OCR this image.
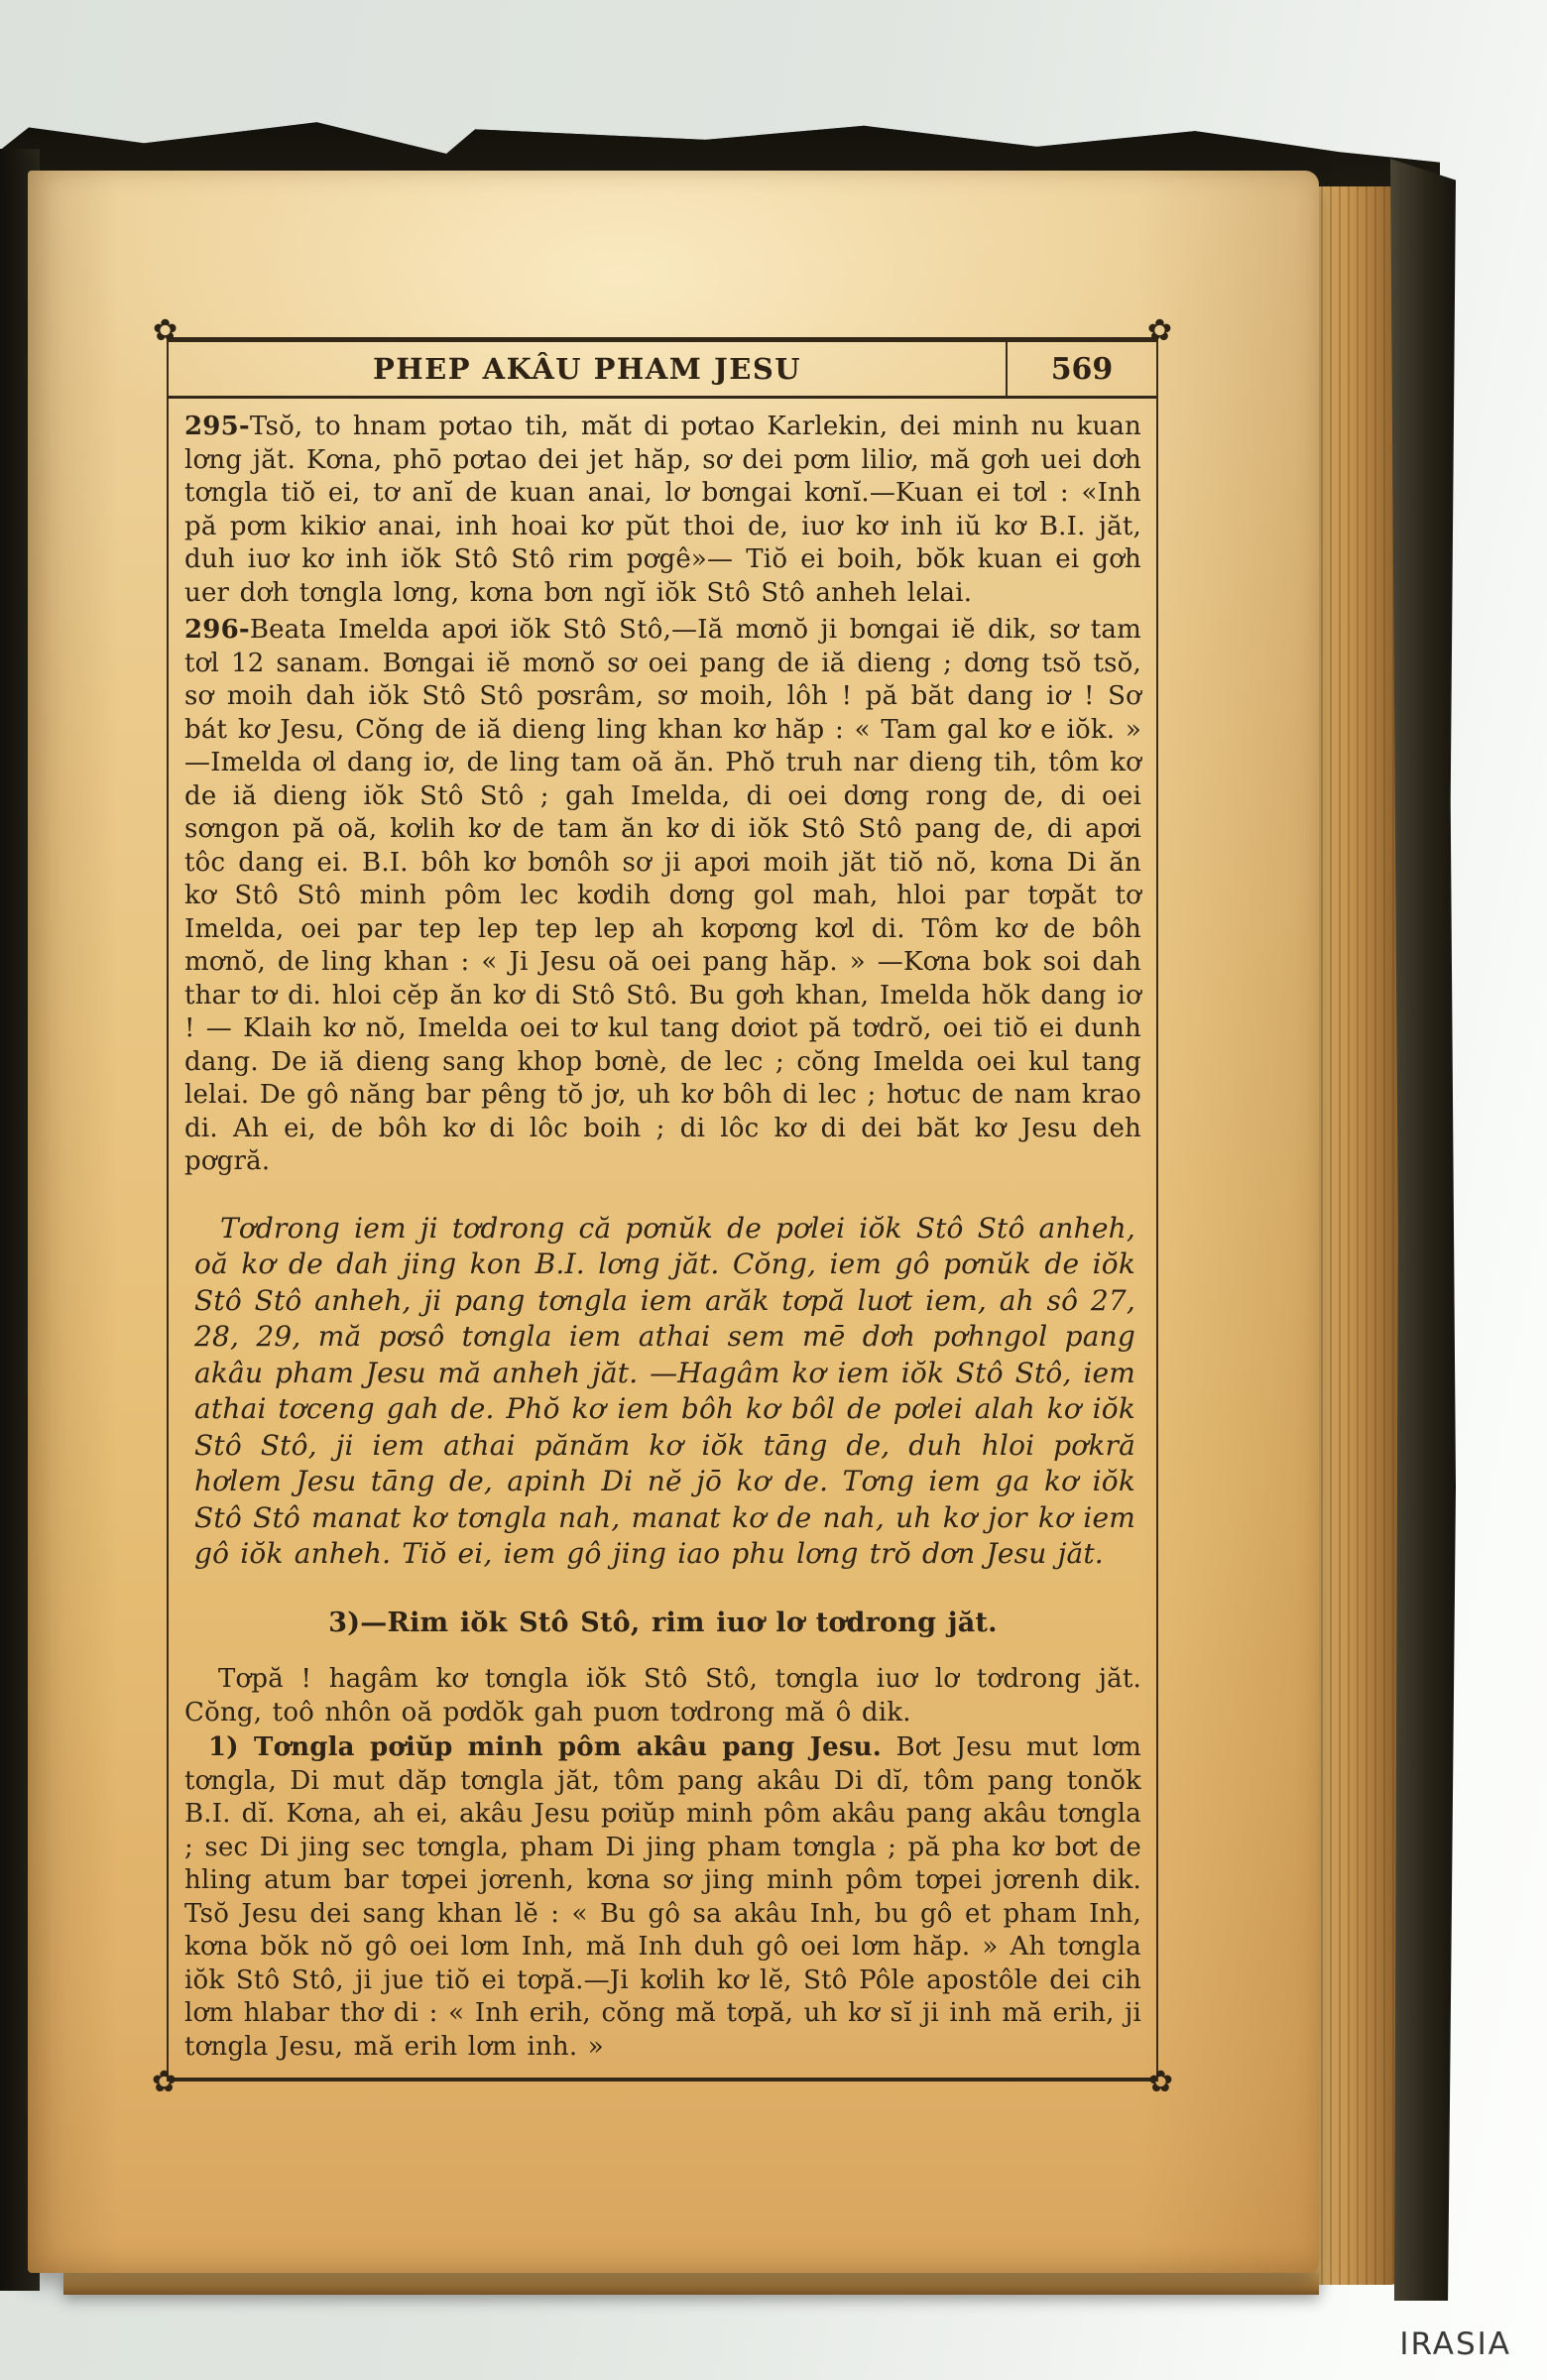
✿	✿
✿	✿
PHEP AKÂU PHAM JESU	569

295-Tsŏ, to hnam pơtao tih, măt di pơtao Karlekin, dei minh nu kuan lơng jăt. Kơna, phō pơtao dei jet hăp, sơ dei pơm liliơ, mă gơh uei dơh tơngla tiŏ ei, tơ anĭ de kuan anai, lơ bơngai kơnĭ.—Kuan ei tơl : «Inh pă pơm kikiơ anai, inh hoai kơ pŭt thoi de, iuơ kơ inh iŭ kơ B.I. jăt, duh iuơ kơ inh iŏk Stô Stô rim pơgê»— Tiŏ ei boih, bŏk kuan ei gơh uer dơh tơngla lơng, kơna bơn ngĭ iŏk Stô Stô anheh lelai.

296-Beata Imelda apơi iŏk Stô Stô,—Iă mơnŏ ji bơngai iĕ dik, sơ tam tơl 12 sanam. Bơngai iĕ mơnŏ sơ oei pang de iă dieng ; dơng tsŏ tsŏ, sơ moih dah iŏk Stô Stô pơsrâm, sơ moih, lôh ! pă băt dang iơ ! Sơ bát kơ Jesu, Cŏng de iă dieng ling khan kơ hăp : « Tam gal kơ e iŏk. » —Imelda ơl dang iơ, de ling tam oă ăn. Phŏ truh nar dieng tih, tôm kơ de iă dieng iŏk Stô Stô ; gah Imelda, di oei dơng rong de, di oei sơngon pă oă, kơlih kơ de tam ăn kơ di iŏk Stô Stô pang de, di apơi tôc dang ei. B.I. bôh kơ bơnôh sơ ji apơi moih jăt tiŏ nŏ, kơna Di ăn kơ Stô Stô minh pôm lec kơdih dơng gol mah, hloi par tơpăt tơ Imelda, oei par tep lep tep lep ah kơpơng kơl di. Tôm kơ de bôh mơnŏ, de ling khan : « Ji Jesu oă oei pang hăp. » —Kơna bok soi dah thar tơ di. hloi cĕp ăn kơ di Stô Stô. Bu gơh khan, Imelda hŏk dang iơ ! — Klaih kơ nŏ, Imelda oei tơ kul tang dơiot pă tơdrŏ, oei tiŏ ei dunh dang. De iă dieng sang khop bơnè, de lec ; cŏng Imelda oei kul tang lelai. De gô năng bar pêng tŏ jơ, uh kơ bôh di lec ; hơtuc de nam krao di. Ah ei, de bôh kơ di lôc boih ; di lôc kơ di dei băt kơ Jesu deh pơgră.

Tơdrong iem ji tơdrong că pơnŭk de pơlei iŏk Stô Stô anheh, oă kơ de dah jing kon B.I. lơng jăt. Cŏng, iem gô pơnŭk de iŏk Stô Stô anheh, ji pang tơngla iem arăk tơpă luơt iem, ah sô 27, 28, 29, mă pơsô tơngla iem athai sem mē dơh pơhngol pang akâu pham Jesu mă anheh jăt. —Hagâm kơ iem iŏk Stô Stô, iem athai tơceng gah de. Phŏ kơ iem bôh kơ bôl de pơlei alah kơ iŏk Stô Stô, ji iem athai pănăm kơ iŏk tāng de, duh hloi pơkră hơlem Jesu tāng de, apinh Di nĕ jō kơ de. Tơng iem ga kơ iŏk Stô Stô manat kơ tơngla nah, manat kơ de nah, uh kơ jor kơ iem gô iŏk anheh. Tiŏ ei, iem gô jing iao phu lơng trŏ dơn Jesu jăt.

3)—Rim iŏk Stô Stô, rim iuơ lơ tơdrong jăt.

Tơpă ! hagâm kơ tơngla iŏk Stô Stô, tơngla iuơ lơ tơdrong jăt. Cŏng, toô nhôn oă pơdŏk gah puơn tơdrong mă ô dik.

1) Tơngla pơiŭp minh pôm akâu pang Jesu. Bơt Jesu mut lơm tơngla, Di mut dăp tơngla jăt, tôm pang akâu Di dĭ, tôm pang tonŏk B.I. dĭ. Kơna, ah ei, akâu Jesu pơiŭp minh pôm akâu pang akâu tơngla ; sec Di jing sec tơngla, pham Di jing pham tơngla ; pă pha kơ bơt de hling atum bar tơpei jơrenh, kơna sơ jing minh pôm tơpei jơrenh dik. Tsŏ Jesu dei sang khan lĕ : « Bu gô sa akâu Inh, bu gô et pham Inh, kơna bŏk nŏ gô oei lơm Inh, mă Inh duh gô oei lơm hăp. » Ah tơngla iŏk Stô Stô, ji jue tiŏ ei tơpă.—Ji kơlih kơ lĕ, Stô Pôle apostôle dei cih lơm hlabar thơ di : « Inh erih, cŏng mă tơpă, uh kơ sĭ ji inh mă erih, ji tơngla Jesu, mă erih lơm inh. »

IRASIA
